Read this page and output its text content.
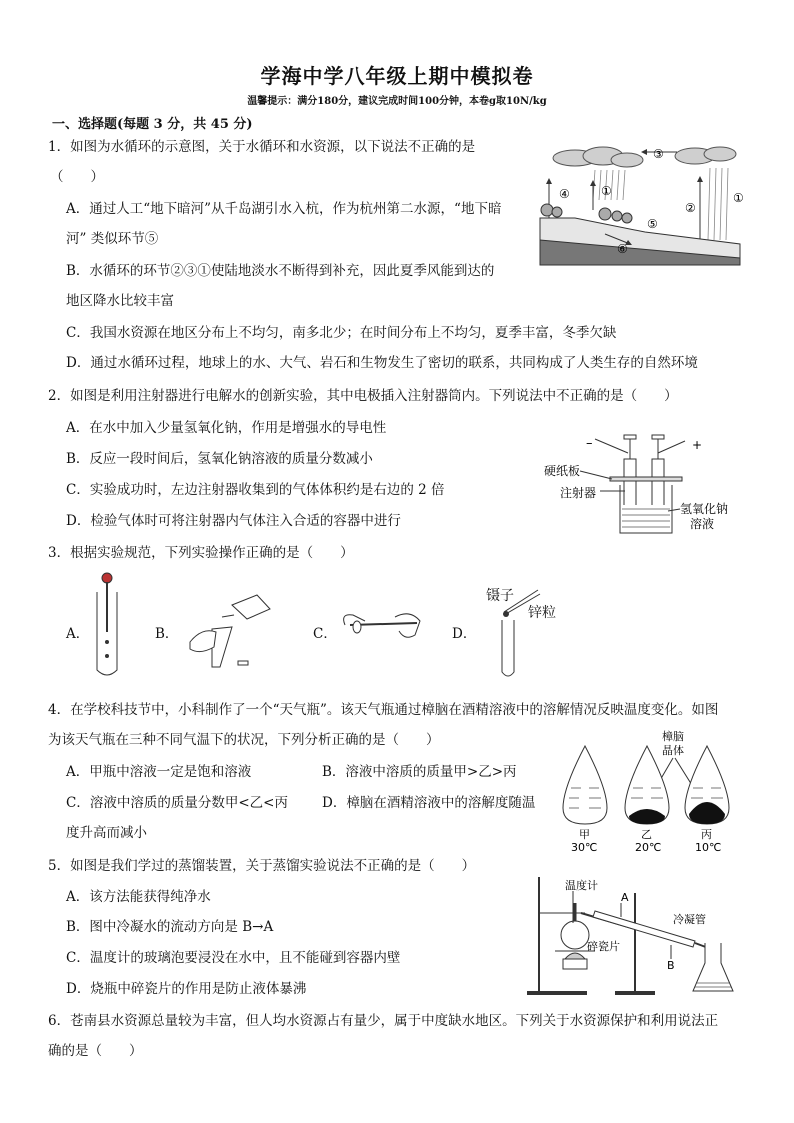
学海中学八年级上期中模拟卷
温馨提示：满分180分，建议完成时间100分钟，本卷g取10N/kg
一、选择题(每题 3 分，共 45 分)
1．如图为水循环的示意图，关于水循环和水资源，以下说法不正确的是
（　　）
A．通过人工“地下暗河”从千岛湖引水入杭，作为杭州第二水源，“地下暗
河” 类似环节⑤
B．水循环的环节②③①使陆地淡水不断得到补充，因此夏季风能到达的
地区降水比较丰富
C．我国水资源在地区分布上不均匀，南多北少；在时间分布上不均匀，夏季丰富，冬季欠缺
D．通过水循环过程，地球上的水、大气、岩石和生物发生了密切的联系，共同构成了人类生存的自然环境
③
④	①
②
①
⑤
⑥
2．如图是利用注射器进行电解水的创新实验，其中电极插入注射器筒内。下列说法中不正确的是（　　）
A．在水中加入少量氢氧化钠，作用是增强水的导电性
B．反应一段时间后，氢氧化钠溶液的质量分数减小
C．实验成功时，左边注射器收集到的气体体积约是右边的 2 倍
D．检验气体时可将注射器内气体注入合适的容器中进行
–	+
硬纸板
注射器
氢氧化钠
溶液
3．根据实验规范，下列实验操作正确的是（　　）
A．	B．	C．	D．
镊子
锌粒
4．在学校科技节中，小科制作了一个“天气瓶”。该天气瓶通过樟脑在酒精溶液中的溶解情况反映温度变化。如图
为该天气瓶在三种不同气温下的状况，下列分析正确的是（　　）
A．甲瓶中溶液一定是饱和溶液	B．溶液中溶质的质量甲>乙>丙
C．溶液中溶质的质量分数甲<乙<丙	D．樟脑在酒精溶液中的溶解度随温
度升高而减小
樟脑
晶体
甲	乙	丙
30℃	20℃	10℃
5．如图是我们学过的蒸馏装置，关于蒸馏实验说法不正确的是（　　）
A．该方法能获得纯净水
B．图中冷凝水的流动方向是 B→A
C．温度计的玻璃泡要浸没在水中，且不能碰到容器内壁
D．烧瓶中碎瓷片的作用是防止液体暴沸
温度计
A
冷凝管
碎瓷片
B
6．苍南县水资源总量较为丰富，但人均水资源占有量少，属于中度缺水地区。下列关于水资源保护和利用说法正
确的是（　　）
